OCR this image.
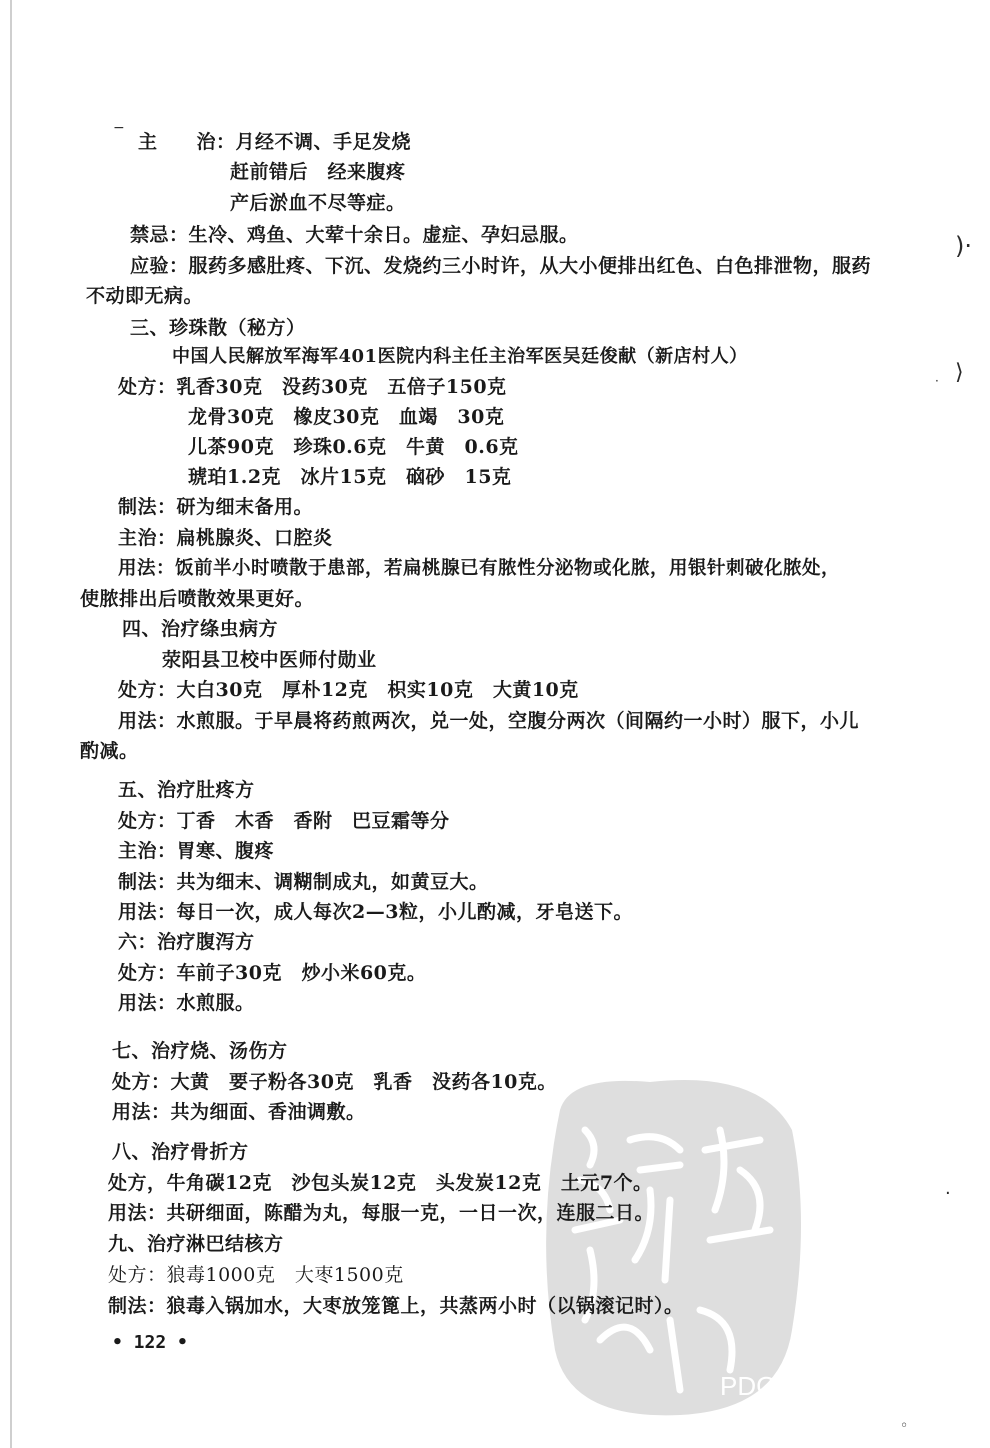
PDG
−
)·
⟩
·
·
◦
主　　治：月经不调、手足发烧
赶前错后　经来腹疼
产后淤血不尽等症。
禁忌：生冷、鸡鱼、大荤十余日。虚症、孕妇忌服。
应验：服药多感肚疼、下沉、发烧约三小时许，从大小便排出红色、白色排泄物，服药
不动即无病。
三、珍珠散（秘方）
中国人民解放军海军401医院内科主任主治军医吴廷俊献（新店村人）
处方：乳香30克　没药30克　五倍子150克
龙骨30克　橡皮30克　血竭　30克
儿茶90克　珍珠0.6克　牛黄　0.6克
琥珀1.2克　冰片15克　硇砂　15克
制法：研为细末备用。
主治：扁桃腺炎、口腔炎
用法：饭前半小时喷散于患部，若扁桃腺已有脓性分泌物或化脓，用银针刺破化脓处，
使脓排出后喷散效果更好。
四、治疗绦虫病方
荥阳县卫校中医师付勋业
处方：大白30克　厚朴12克　枳实10克　大黄10克
用法：水煎服。于早晨将药煎两次，兑一处，空腹分两次（间隔约一小时）服下，小儿
酌减。
五、治疗肚疼方
处方：丁香　木香　香附　巴豆霜等分
主治：胃寒、腹疼
制法：共为细末、调糊制成丸，如黄豆大。
用法：每日一次，成人每次2—3粒，小儿酌减，牙皂送下。
六：治疗腹泻方
处方：车前子30克　炒小米60克。
用法：水煎服。
七、治疗烧、汤伤方
处方：大黄　要子粉各30克　乳香　没药各10克。
用法：共为细面、香油调敷。
八、治疗骨折方
处方，牛角碳12克　沙包头炭12克　头发炭12克　土元7个。
用法：共研细面，陈醋为丸，每服一克，一日一次，连服二日。
九、治疗淋巴结核方
处方：狼毒1000克　大枣1500克
制法：狼毒入锅加水，大枣放笼篦上，共蒸两小时（以锅滚记时）。
• 122 •
